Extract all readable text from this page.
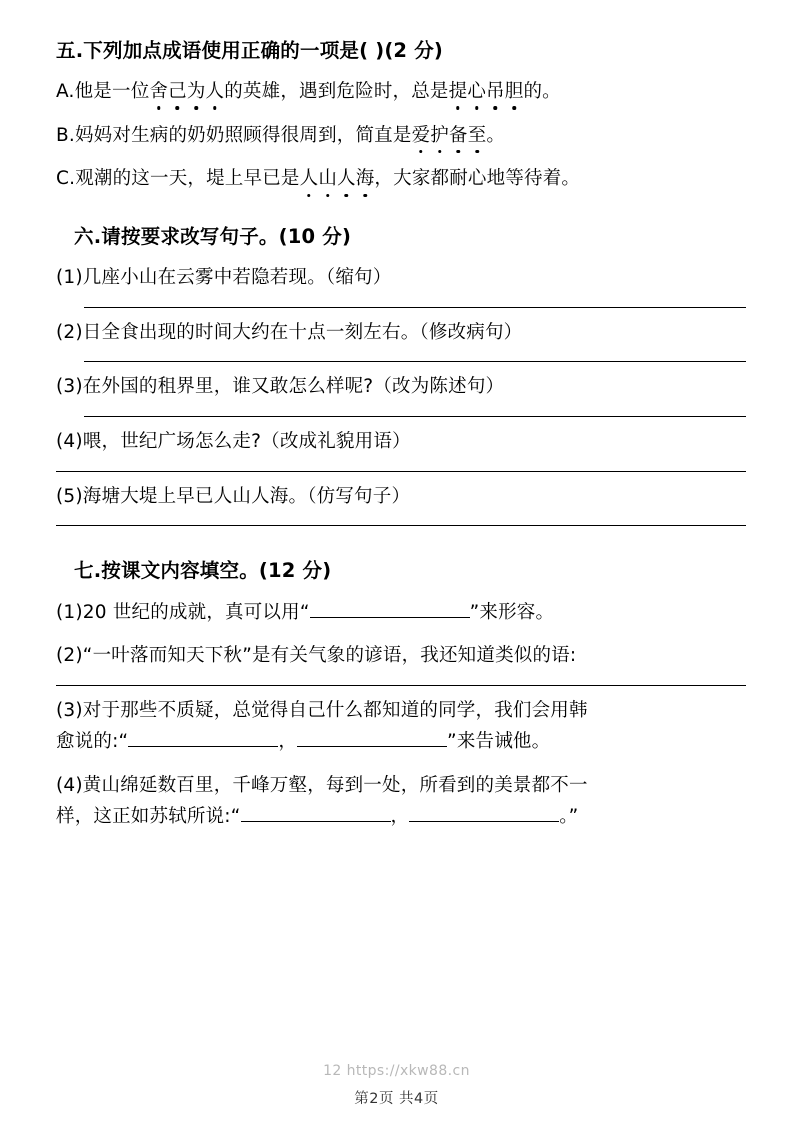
五.下列加点成语使用正确的一项是( )(2 分)
A.他是一位舍己为人的英雄，遇到危险时，总是提心吊胆的。
B.妈妈对生病的奶奶照顾得很周到，简直是爱护备至。
C.观潮的这一天，堤上早已是人山人海，大家都耐心地等待着。
六.请按要求改写句子。(10 分)
(1)几座小山在云雾中若隐若现。（缩句）
(2)日全食出现的时间大约在十点一刻左右。（修改病句）
(3)在外国的租界里，谁又敢怎么样呢?（改为陈述句）
(4)喂，世纪广场怎么走?（改成礼貌用语）
(5)海塘大堤上早已人山人海。（仿写句子）
七.按课文内容填空。(12 分)
(1)20 世纪的成就，真可以用“	”来形容。
(2)“一叶落而知天下秋”是有关气象的谚语，我还知道类似的语:
(3)对于那些不质疑，总觉得自己什么都知道的同学，我们会用韩
愈说的:“	，	”来告诫他。
(4)黄山绵延数百里，千峰万壑，每到一处，所看到的美景都不一
样，这正如苏轼所说:“	，	。”
12 https://xkw88.cn
第2页 共4页
